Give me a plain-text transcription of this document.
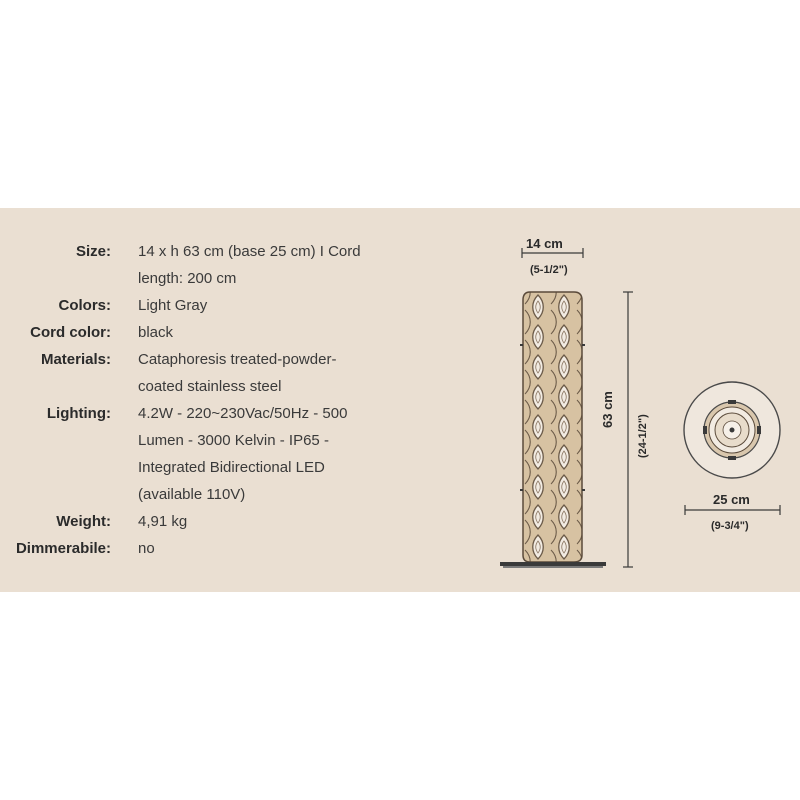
Size: 14 x h 63 cm (base 25 cm) I Cord
length: 200 cm
Colors: Light Gray
Cord color: black
Materials: Cataphoresis treated-powder-
coated stainless steel
Lighting: 4.2W - 220~230Vac/50Hz - 500
Lumen - 3000 Kelvin - IP65 -
Integrated Bidirectional LED
(available 110V)
Weight: 4,91 kg
Dimmerabile: no
14 cm
(5-1/2")
63 cm
(24-1/2")
25 cm
(9-3/4")
